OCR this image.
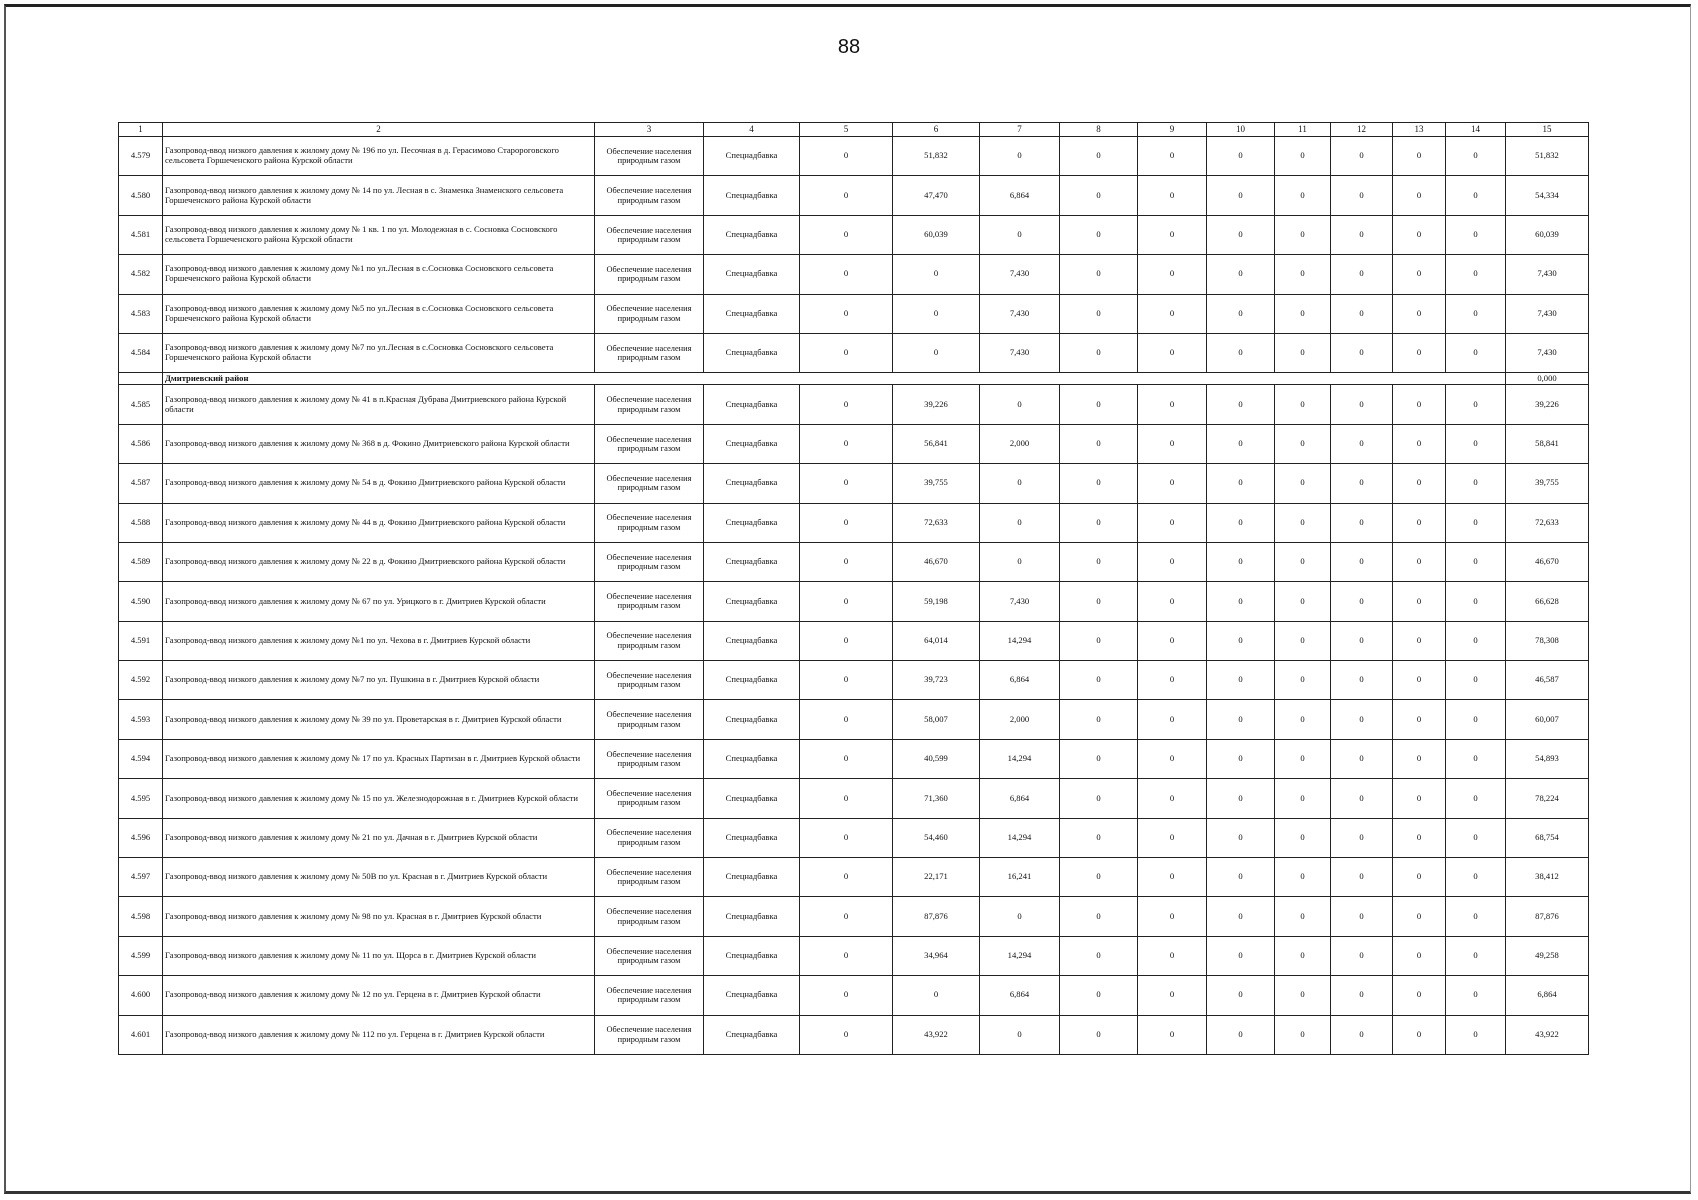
88
1	2	3	4	5	6	7	8	9	10	11	12	13	14	15
4.579	Газопровод-ввод низкого давления к жилому дому № 196 по ул. Песочная в д. Герасимово Старороговского сельсовета Горшеченского района Курской области	Обеспечение населения природным газом	Спецнадбавка	0	51,832	0	0	0	0	0	0	0	0	51,832
4.580	Газопровод-ввод низкого давления к жилому дому № 14 по ул. Лесная в с. Знаменка Знаменского сельсовета Горшеченского района Курской области	Обеспечение населения природным газом	Спецнадбавка	0	47,470	6,864	0	0	0	0	0	0	0	54,334
4.581	Газопровод-ввод низкого давления к жилому дому № 1 кв. 1 по ул. Молодежная в с. Сосновка Сосновского сельсовета Горшеченского района Курской области	Обеспечение населения природным газом	Спецнадбавка	0	60,039	0	0	0	0	0	0	0	0	60,039
4.582	Газопровод-ввод низкого давления к жилому дому №1 по ул.Лесная в с.Сосновка Сосновского сельсовета Горшеченского района Курской области	Обеспечение населения природным газом	Спецнадбавка	0	0	7,430	0	0	0	0	0	0	0	7,430
4.583	Газопровод-ввод низкого давления к жилому дому №5 по ул.Лесная в с.Сосновка Сосновского сельсовета Горшеченского района Курской области	Обеспечение населения природным газом	Спецнадбавка	0	0	7,430	0	0	0	0	0	0	0	7,430
4.584	Газопровод-ввод низкого давления к жилому дому №7 по ул.Лесная в с.Сосновка Сосновского сельсовета Горшеченского района Курской области	Обеспечение населения природным газом	Спецнадбавка	0	0	7,430	0	0	0	0	0	0	0	7,430
	Дмитриевский район													0,000
4.585	Газопровод-ввод низкого давления к жилому дому № 41 в п.Красная Дубрава Дмитриевского района Курской области	Обеспечение населения природным газом	Спецнадбавка	0	39,226	0	0	0	0	0	0	0	0	39,226
4.586	Газопровод-ввод низкого давления к жилому дому № 368 в д. Фокино Дмитриевского района Курской области	Обеспечение населения природным газом	Спецнадбавка	0	56,841	2,000	0	0	0	0	0	0	0	58,841
4.587	Газопровод-ввод низкого давления к жилому дому № 54 в д. Фокино Дмитриевского района Курской области	Обеспечение населения природным газом	Спецнадбавка	0	39,755	0	0	0	0	0	0	0	0	39,755
4.588	Газопровод-ввод низкого давления к жилому дому № 44 в д. Фокино Дмитриевского района Курской области	Обеспечение населения природным газом	Спецнадбавка	0	72,633	0	0	0	0	0	0	0	0	72,633
4.589	Газопровод-ввод низкого давления к жилому дому № 22 в д. Фокино Дмитриевского района Курской области	Обеспечение населения природным газом	Спецнадбавка	0	46,670	0	0	0	0	0	0	0	0	46,670
4.590	Газопровод-ввод низкого давления к жилому дому № 67 по ул. Урицкого в г. Дмитриев Курской области	Обеспечение населения природным газом	Спецнадбавка	0	59,198	7,430	0	0	0	0	0	0	0	66,628
4.591	Газопровод-ввод низкого давления к жилому дому №1 по ул. Чехова в г. Дмитриев Курской области	Обеспечение населения природным газом	Спецнадбавка	0	64,014	14,294	0	0	0	0	0	0	0	78,308
4.592	Газопровод-ввод низкого давления к жилому дому №7 по ул. Пушкина в г. Дмитриев Курской области	Обеспечение населения природным газом	Спецнадбавка	0	39,723	6,864	0	0	0	0	0	0	0	46,587
4.593	Газопровод-ввод низкого давления к жилому дому № 39 по ул. Проветарская в г. Дмитриев Курской области	Обеспечение населения природным газом	Спецнадбавка	0	58,007	2,000	0	0	0	0	0	0	0	60,007
4.594	Газопровод-ввод низкого давления к жилому дому № 17 по ул. Красных Партизан в г. Дмитриев Курской области	Обеспечение населения природным газом	Спецнадбавка	0	40,599	14,294	0	0	0	0	0	0	0	54,893
4.595	Газопровод-ввод низкого давления к жилому дому № 15 по ул. Железнодорожная в г. Дмитриев Курской области	Обеспечение населения природным газом	Спецнадбавка	0	71,360	6,864	0	0	0	0	0	0	0	78,224
4.596	Газопровод-ввод низкого давления к жилому дому № 21 по ул. Дачная в г. Дмитриев Курской области	Обеспечение населения природным газом	Спецнадбавка	0	54,460	14,294	0	0	0	0	0	0	0	68,754
4.597	Газопровод-ввод низкого давления к жилому дому № 50В по ул. Красная в г. Дмитриев Курской области	Обеспечение населения природным газом	Спецнадбавка	0	22,171	16,241	0	0	0	0	0	0	0	38,412
4.598	Газопровод-ввод низкого давления к жилому дому № 98 по ул. Красная в г. Дмитриев Курской области	Обеспечение населения природным газом	Спецнадбавка	0	87,876	0	0	0	0	0	0	0	0	87,876
4.599	Газопровод-ввод низкого давления к жилому дому № 11 по ул. Щорса в г. Дмитриев Курской области	Обеспечение населения природным газом	Спецнадбавка	0	34,964	14,294	0	0	0	0	0	0	0	49,258
4.600	Газопровод-ввод низкого давления к жилому дому № 12 по ул. Герцена в г. Дмитриев Курской области	Обеспечение населения природным газом	Спецнадбавка	0	0	6,864	0	0	0	0	0	0	0	6,864
4.601	Газопровод-ввод низкого давления к жилому дому № 112 по ул. Герцена в г. Дмитриев Курской области	Обеспечение населения природным газом	Спецнадбавка	0	43,922	0	0	0	0	0	0	0	0	43,922
